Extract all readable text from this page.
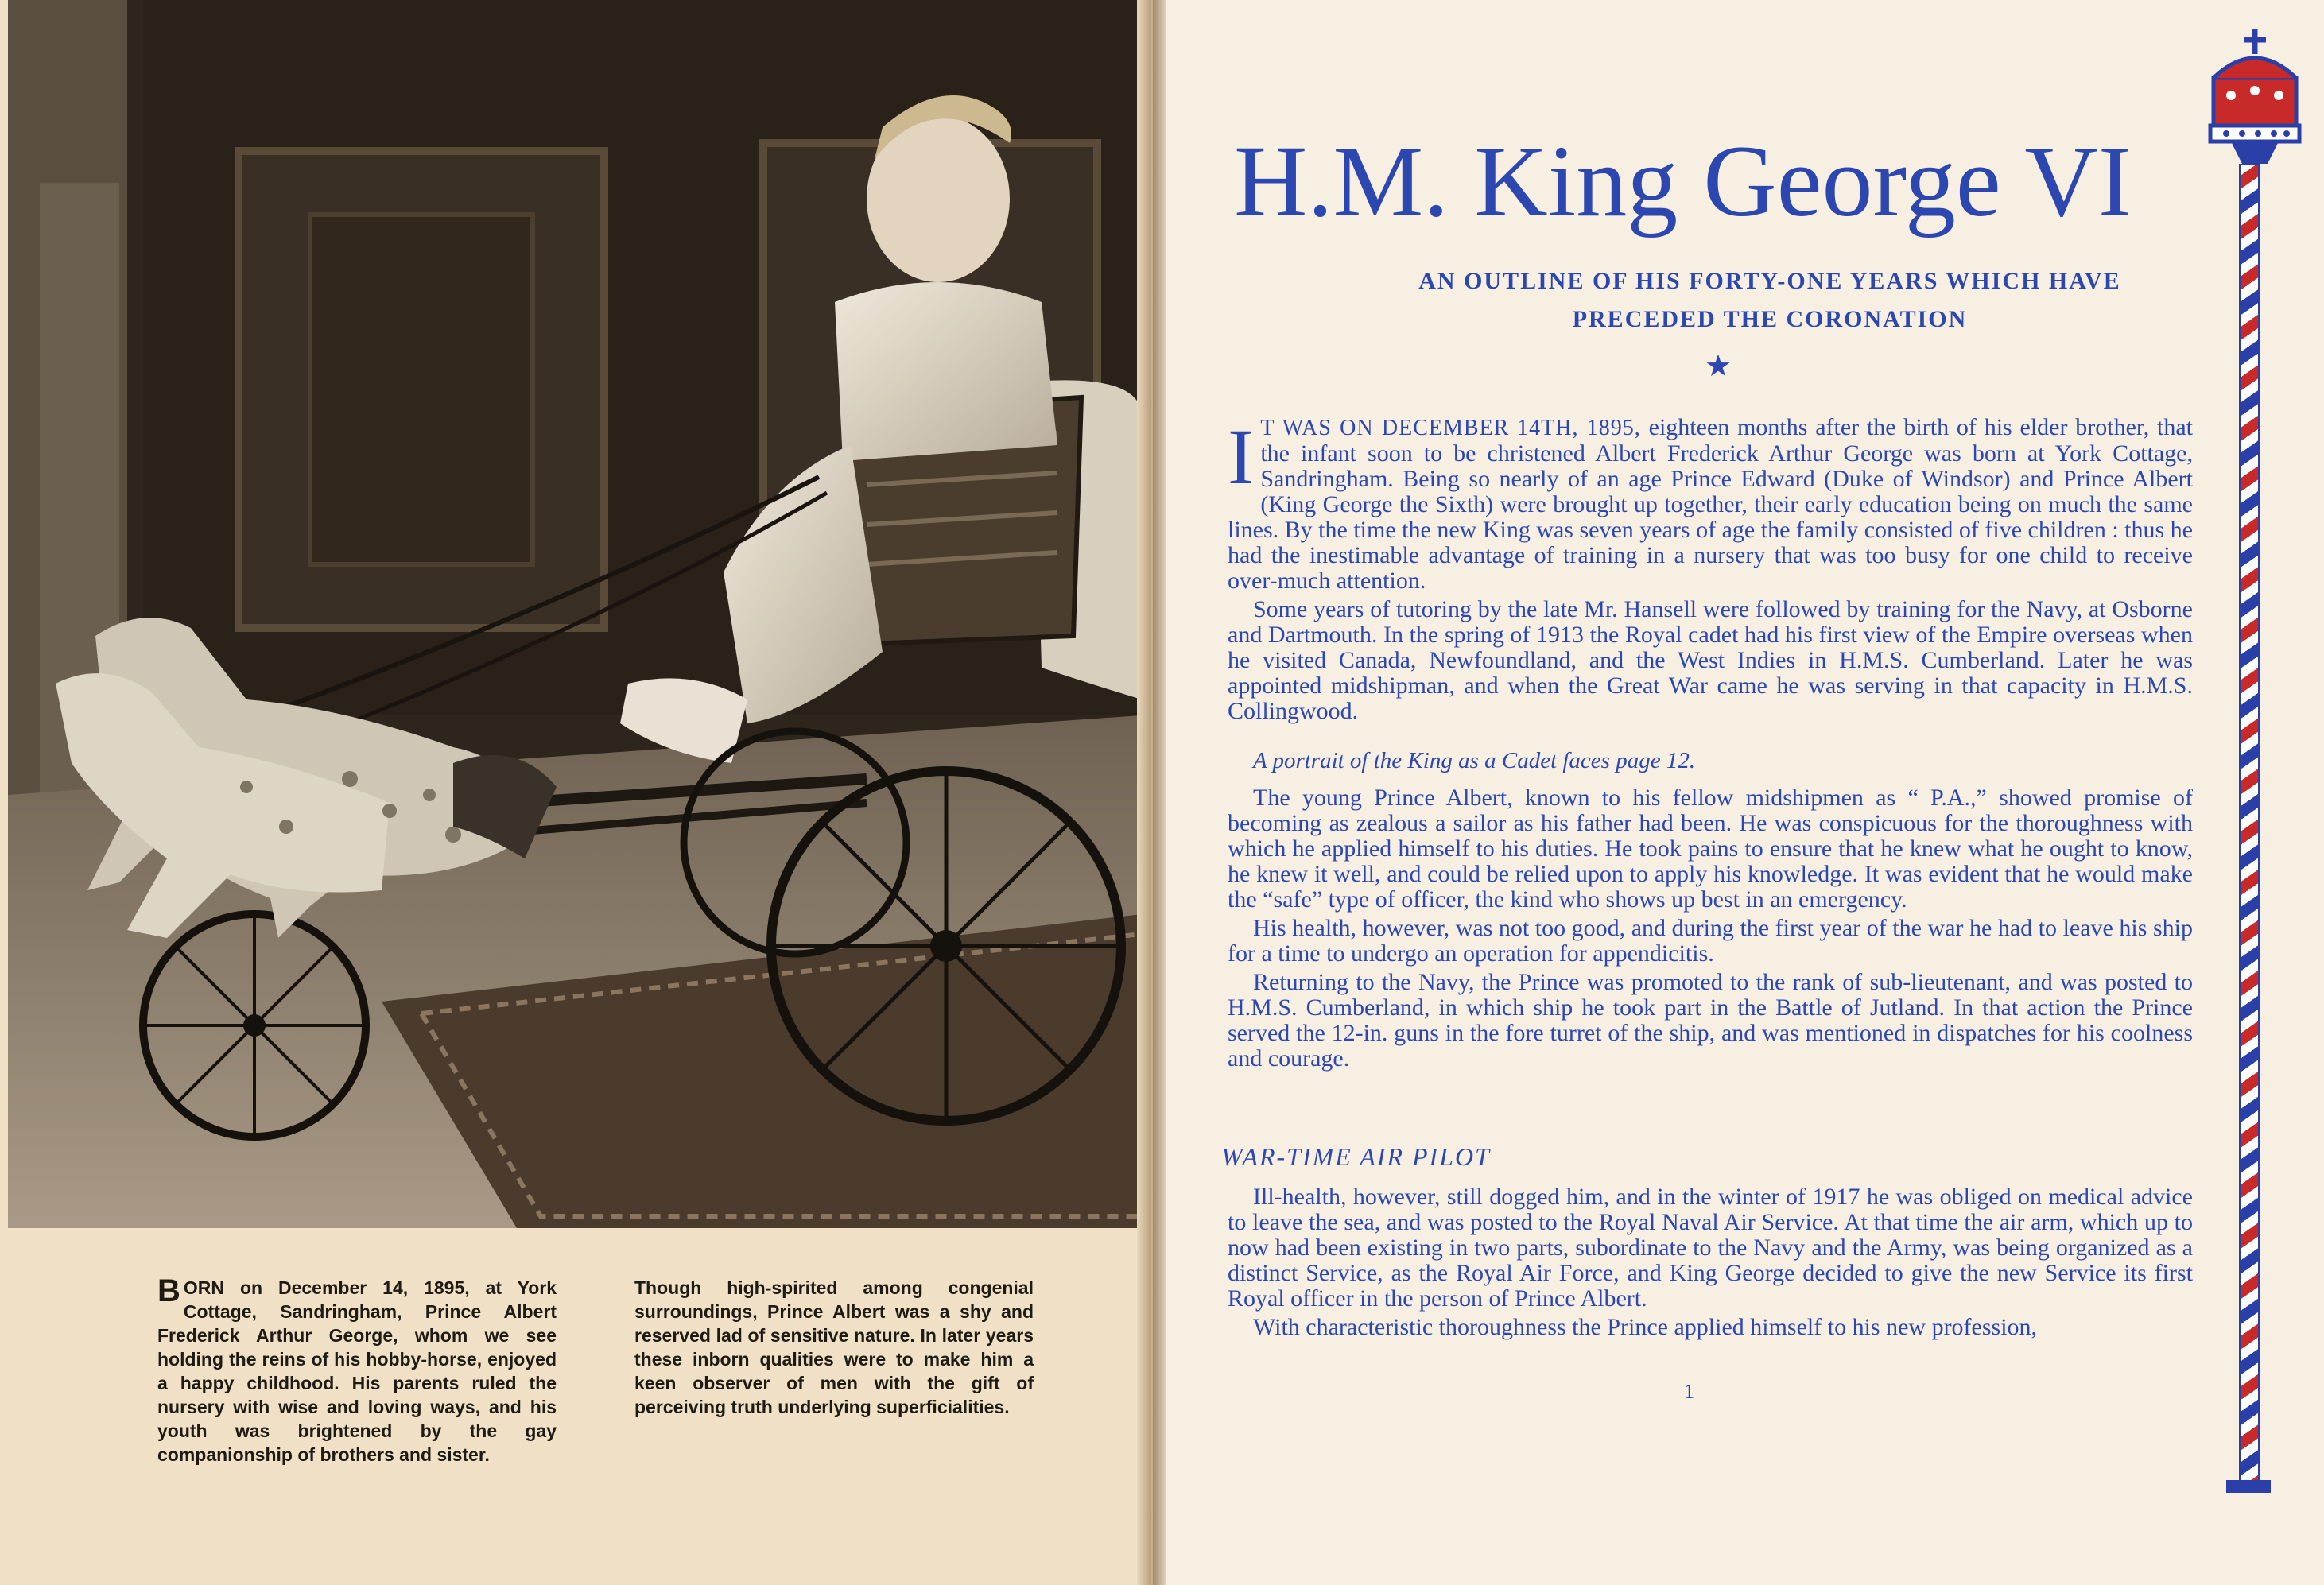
BORN on December 14, 1895, at York Cottage, Sandringham, Prince Albert Frederick Arthur George, whom we see holding the reins of his hobby-horse, enjoyed a happy childhood. His parents ruled the nursery with wise and loving ways, and his youth was brightened by the gay companionship of brothers and sister.
Though high-spirited among congenial surroundings, Prince Albert was a shy and reserved lad of sensitive nature. In later years these inborn qualities were to make him a keen observer of men with the gift of perceiving truth underlying superficialities.
H.M. King George VI
AN OUTLINE OF HIS FORTY-ONE YEARS WHICH HAVE
PRECEDED THE CORONATION
★

I T WAS ON DECEMBER 14TH, 1895, eighteen months after the birth of his elder brother, that the infant soon to be christened Albert Frederick Arthur George was born at York Cottage, Sandringham. Being so nearly of an age Prince Edward (Duke of Windsor) and Prince Albert (King George the Sixth) were brought up together, their early education being on much the same lines. By the time the new King was seven years of age the family consisted of five children : thus he had the inestimable advantage of training in a nursery that was too busy for one child to receive over-much attention.

Some years of tutoring by the late Mr. Hansell were followed by training for the Navy, at Osborne and Dartmouth. In the spring of 1913 the Royal cadet had his first view of the Empire overseas when he visited Canada, Newfoundland, and the West Indies in H.M.S. Cumberland. Later he was appointed midshipman, and when the Great War came he was serving in that capacity in H.M.S. Collingwood.

A portrait of the King as a Cadet faces page 12.

The young Prince Albert, known to his fellow midshipmen as “ P.A.,” showed promise of becoming as zealous a sailor as his father had been. He was conspicuous for the thoroughness with which he applied himself to his duties. He took pains to ensure that he knew what he ought to know, he knew it well, and could be relied upon to apply his knowledge. It was evident that he would make the “safe” type of officer, the kind who shows up best in an emergency.

His health, however, was not too good, and during the first year of the war he had to leave his ship for a time to undergo an operation for appendicitis.

Returning to the Navy, the Prince was promoted to the rank of sub-lieutenant, and was posted to H.M.S. Cumberland, in which ship he took part in the Battle of Jutland. In that action the Prince served the 12-in. guns in the fore turret of the ship, and was mentioned in dispatches for his coolness and courage.

WAR-TIME AIR PILOT

Ill-health, however, still dogged him, and in the winter of 1917 he was obliged on medical advice to leave the sea, and was posted to the Royal Naval Air Service. At that time the air arm, which up to now had been existing in two parts, subordinate to the Navy and the Army, was being organized as a distinct Service, as the Royal Air Force, and King George decided to give the new Service its first Royal officer in the person of Prince Albert.

With characteristic thoroughness the Prince applied himself to his new profession,

1
